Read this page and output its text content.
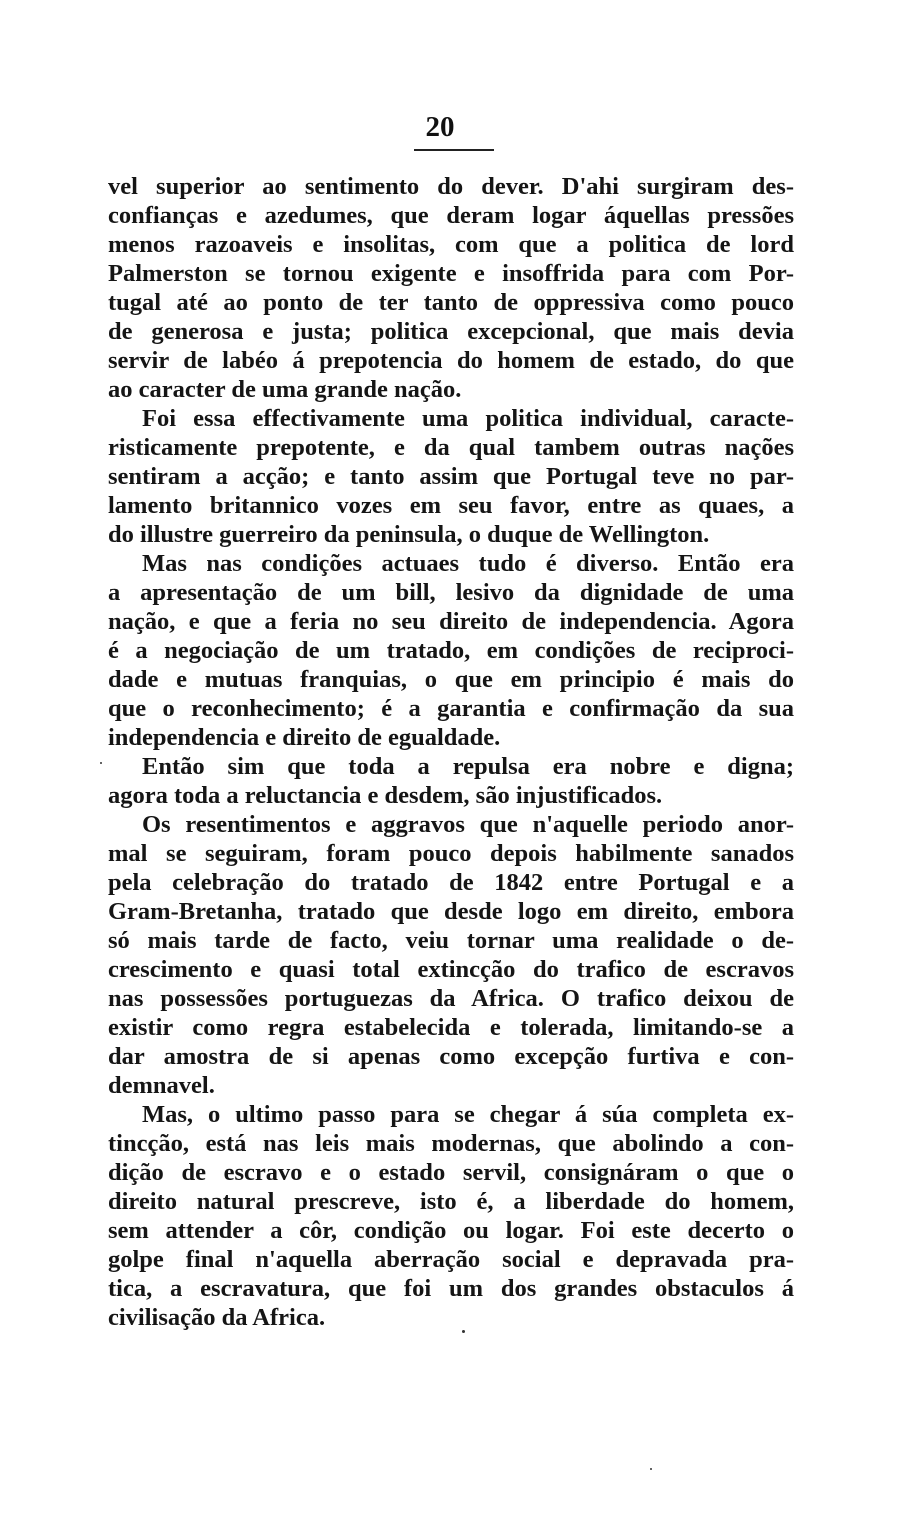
20
vel superior ao sentimento do dever. D'ahi surgiram des-
confianças e azedumes, que deram logar áquellas pressões
menos razoaveis e insolitas, com que a politica de lord
Palmerston se tornou exigente e insoffrida para com Por-
tugal até ao ponto de ter tanto de oppressiva como pouco
de generosa e justa; politica excepcional, que mais devia
servir de labéo á prepotencia do homem de estado, do que
ao caracter de uma grande nação.
Foi essa effectivamente uma politica individual, caracte-
risticamente prepotente, e da qual tambem outras nações
sentiram a acção; e tanto assim que Portugal teve no par-
lamento britannico vozes em seu favor, entre as quaes, a
do illustre guerreiro da peninsula, o duque de Wellington.
Mas nas condições actuaes tudo é diverso. Então era
a apresentação de um bill, lesivo da dignidade de uma
nação, e que a feria no seu direito de independencia. Agora
é a negociação de um tratado, em condições de reciproci-
dade e mutuas franquias, o que em principio é mais do
que o reconhecimento; é a garantia e confirmação da sua
independencia e direito de egualdade.
Então sim que toda a repulsa era nobre e digna;
agora toda a reluctancia e desdem, são injustificados.
Os resentimentos e aggravos que n'aquelle periodo anor-
mal se seguiram, foram pouco depois habilmente sanados
pela celebração do tratado de 1842 entre Portugal e a
Gram-Bretanha, tratado que desde logo em direito, embora
só mais tarde de facto, veiu tornar uma realidade o de-
crescimento e quasi total extincção do trafico de escravos
nas possessões portuguezas da Africa. O trafico deixou de
existir como regra estabelecida e tolerada, limitando-se a
dar amostra de si apenas como excepção furtiva e con-
demnavel.
Mas, o ultimo passo para se chegar á súa completa ex-
tincção, está nas leis mais modernas, que abolindo a con-
dição de escravo e o estado servil, consignáram o que o
direito natural prescreve, isto é, a liberdade do homem,
sem attender a côr, condição ou logar. Foi este decerto o
golpe final n'aquella aberração social e depravada pra-
tica, a escravatura, que foi um dos grandes obstaculos á
civilisação da Africa.
